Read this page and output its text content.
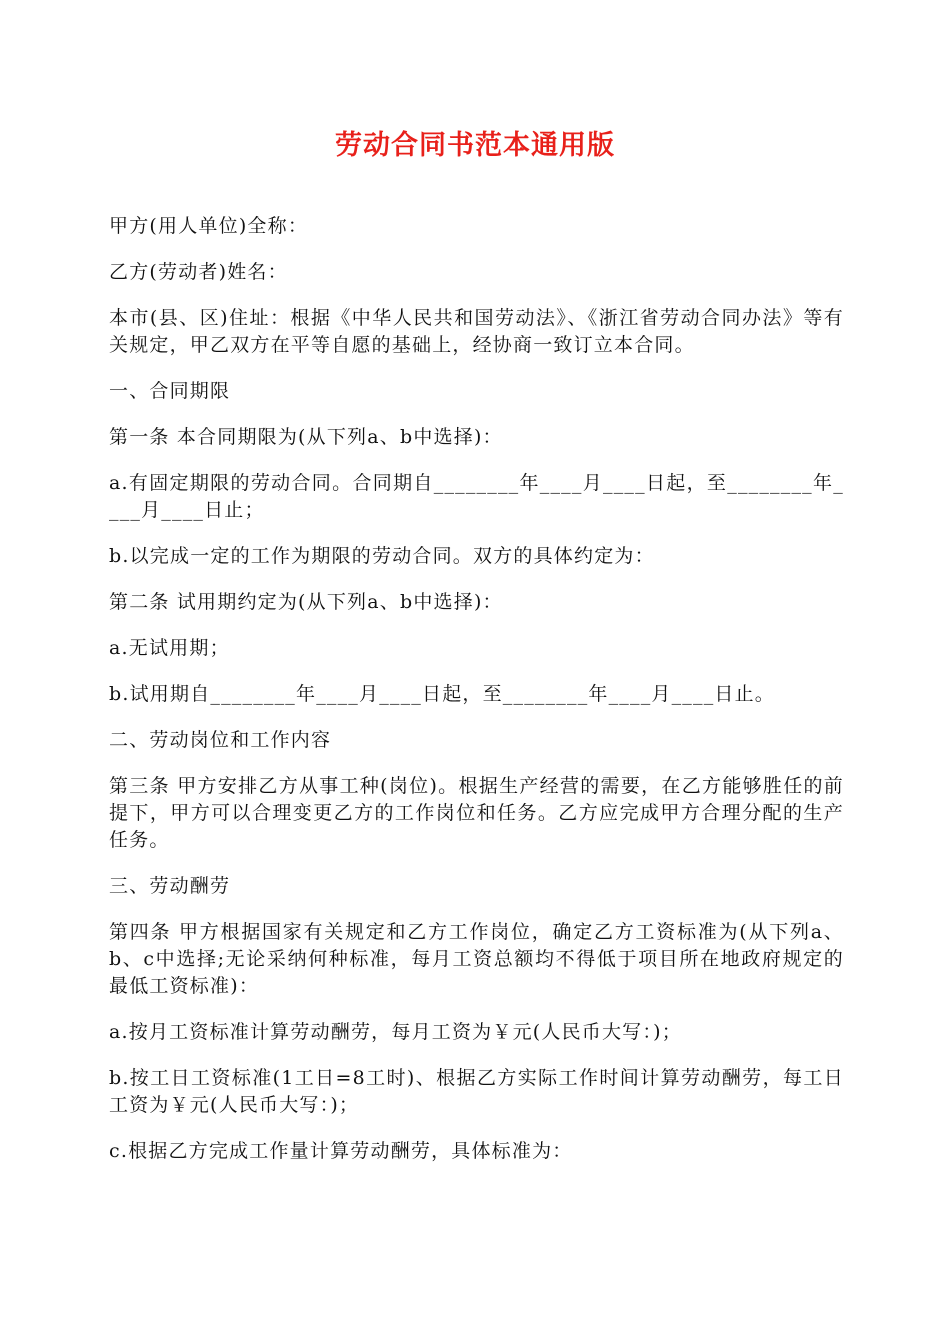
劳动合同书范本通用版

甲方(用人单位)全称：

乙方(劳动者)姓名：

本市(县、区)住址：根据《中华人民共和国劳动法》、《浙江省劳动合同办法》等有关规定，甲乙双方在平等自愿的基础上，经协商一致订立本合同。

一、合同期限

第一条 本合同期限为(从下列a、b中选择)：

a.有固定期限的劳动合同。合同期自________年____月____日起，至________年____月____日止；

b.以完成一定的工作为期限的劳动合同。双方的具体约定为：

第二条 试用期约定为(从下列a、b中选择)：

a.无试用期；

b.试用期自________年____月____日起，至________年____月____日止。

二、劳动岗位和工作内容

第三条 甲方安排乙方从事工种(岗位)。根据生产经营的需要，在乙方能够胜任的前提下，甲方可以合理变更乙方的工作岗位和任务。乙方应完成甲方合理分配的生产任务。

三、劳动酬劳

第四条 甲方根据国家有关规定和乙方工作岗位，确定乙方工资标准为(从下列a、b、c中选择;无论采纳何种标准，每月工资总额均不得低于项目所在地政府规定的最低工资标准)：

a.按月工资标准计算劳动酬劳，每月工资为￥元(人民币大写：)；

b.按工日工资标准(1工日=8工时)、根据乙方实际工作时间计算劳动酬劳，每工日工资为￥元(人民币大写：)；

c.根据乙方完成工作量计算劳动酬劳，具体标准为：
